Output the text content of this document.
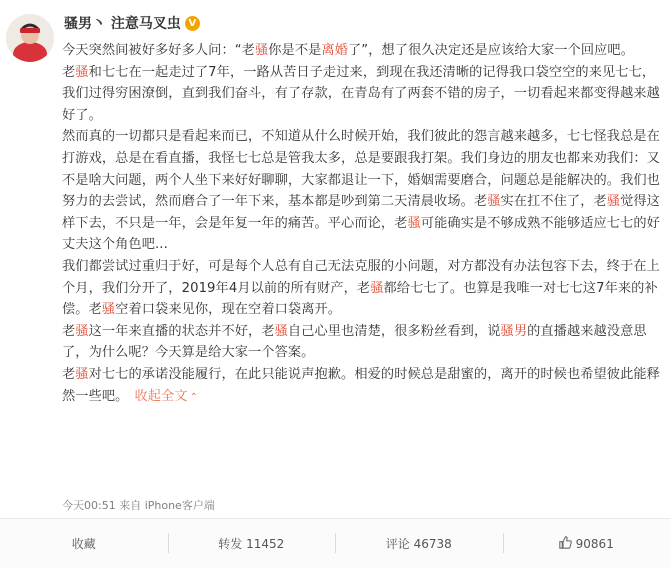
骚男丶 注意马叉虫 V

今天突然间被好多好多人问：“老骚你是不是离婚了”，想了很久决定还是应该给大家一个回应吧。

老骚和七七在一起走过了7年，一路从苦日子走过来，到现在我还清晰的记得我口袋空空的来见七七，我们过得穷困潦倒，直到我们奋斗，有了存款，在青岛有了两套不错的房子，一切看起来都变得越来越好了。

然而真的一切都只是看起来而已，不知道从什么时候开始，我们彼此的怨言越来越多，七七怪我总是在打游戏，总是在看直播，我怪七七总是管我太多，总是要跟我打架。我们身边的朋友也都来劝我们：又不是啥大问题，两个人坐下来好好聊聊，大家都退让一下，婚姻需要磨合，问题总是能解决的。我们也努力的去尝试，然而磨合了一年下来，基本都是吵到第二天清晨收场。老骚实在扛不住了，老骚觉得这样下去，不只是一年，会是年复一年的痛苦。平心而论，老骚可能确实是不够成熟不能够适应七七的好丈夫这个角色吧...

我们都尝试过重归于好，可是每个人总有自己无法克服的小问题，对方都没有办法包容下去，终于在上个月，我们分开了，2019年4月以前的所有财产，老骚都给七七了。也算是我唯一对七七这7年来的补偿。老骚空着口袋来见你，现在空着口袋离开。

老骚这一年来直播的状态并不好，老骚自己心里也清楚，很多粉丝看到，说骚男的直播越来越没意思了，为什么呢？今天算是给大家一个答案。

老骚对七七的承诺没能履行，在此只能说声抱歉。相爱的时候总是甜蜜的，离开的时候也希望彼此能释然一些吧。 收起全文 ⌃

今天00:51 来自 iPhone客户端
收藏	转发 11452	评论 46738	90861
